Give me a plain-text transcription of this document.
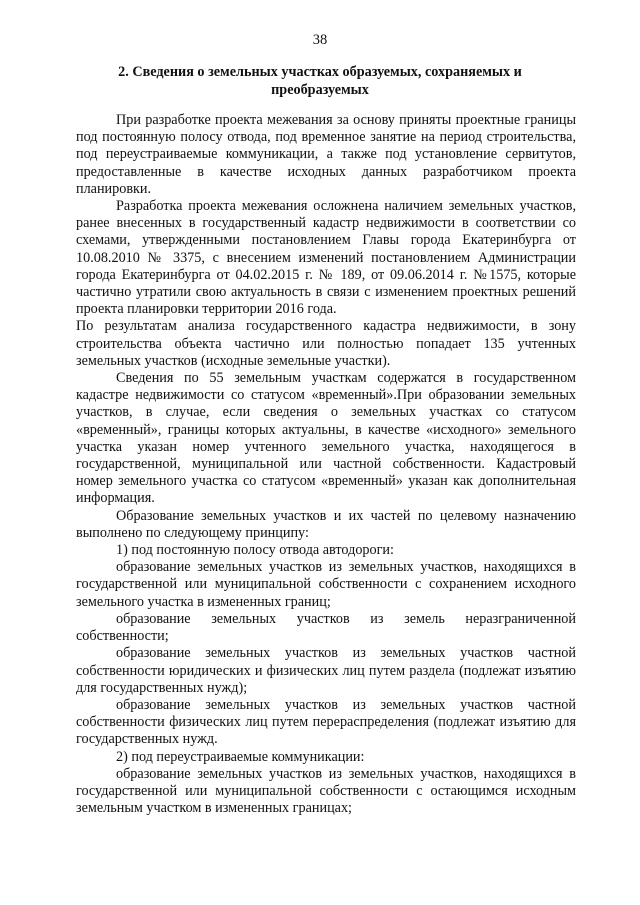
38
2. Сведения о земельных участках образуемых, сохраняемых и преобразуемых

При разработке проекта межевания за основу приняты проектные границы под постоянную полосу отвода, под временное занятие на период строительства, под переустраиваемые коммуникации, а также под установление сервитутов, предоставленные в качестве исходных данных разработчиком проекта планировки.

Разработка проекта межевания осложнена наличием земельных участков, ранее внесенных в государственный кадастр недвижимости в соответствии со схемами, утвержденными постановлением Главы города Екатеринбурга от 10.08.2010 № 3375, с внесением изменений постановлением Администрации города Екатеринбурга от 04.02.2015 г. № 189, от 09.06.2014 г. №1575, которые частично утратили свою актуальность в связи с изменением проектных решений проекта планировки территории 2016 года.

По результатам анализа государственного кадастра недвижимости, в зону строительства объекта частично или полностью попадает 135 учтенных земельных участков (исходные земельные участки).

Сведения по 55 земельным участкам содержатся в государственном кадастре недвижимости со статусом «временный».При образовании земельных участков, в случае, если сведения о земельных участках со статусом «временный», границы которых актуальны, в качестве «исходного» земельного участка указан номер учтенного земельного участка, находящегося в государственной, муниципальной или частной собственности. Кадастровый номер земельного участка со статусом «временный» указан как дополнительная информация.

Образование земельных участков и их частей по целевому назначению выполнено по следующему принципу:

1) под постоянную полосу отвода автодороги:

образование земельных участков из земельных участков, находящихся в государственной или муниципальной собственности с сохранением исходного земельного участка в измененных границ;

образование земельных участков из земель неразграниченной собственности;

образование земельных участков из земельных участков частной собственности юридических и физических лиц путем раздела (подлежат изъятию для государственных нужд);

образование земельных участков из земельных участков частной собственности физических лиц путем перераспределения (подлежат изъятию для государственных нужд.

2) под переустраиваемые коммуникации:

образование земельных участков из земельных участков, находящихся в государственной или муниципальной собственности с остающимся исходным земельным участком в измененных границах;
